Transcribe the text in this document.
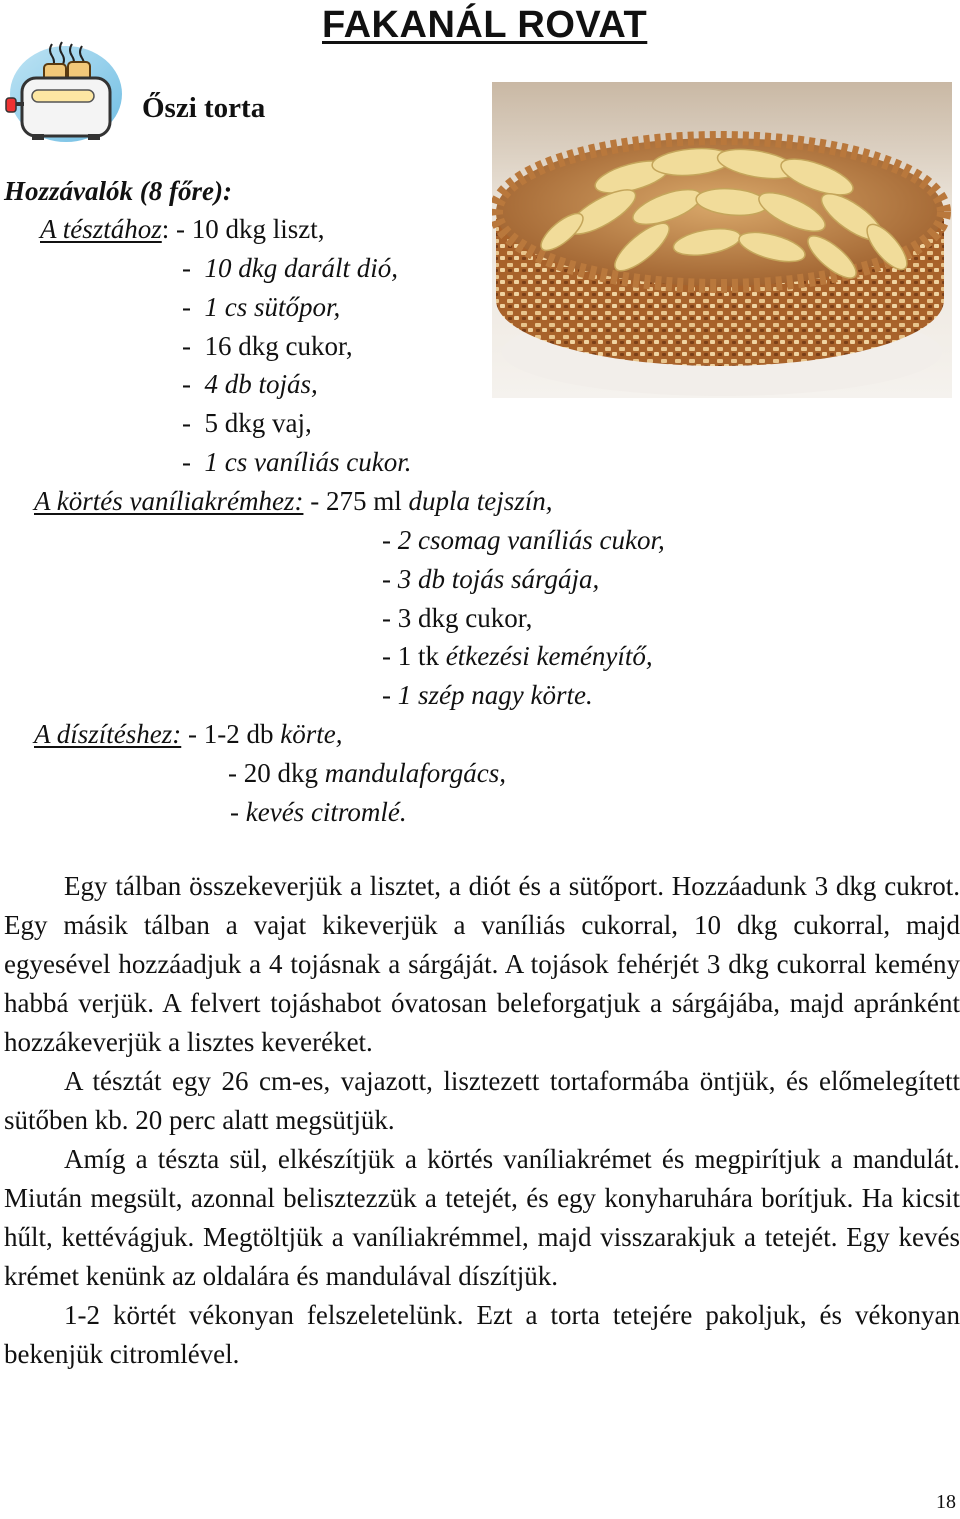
FAKANÁL ROVAT
Őszi torta
Hozzávalók (8 főre):
A tésztához: - 10 dkg liszt,
-  10 dkg darált dió,
-  1 cs sütőpor,
-  16 dkg cukor,
-  4 db tojás,
-  5 dkg vaj,
-  1 cs vaníliás cukor.
A körtés vaníliakrémhez: - 275 ml dupla tejszín,
- 2 csomag vaníliás cukor,
- 3 db tojás sárgája,
- 3 dkg cukor,
- 1 tk étkezési keményítő,
- 1 szép nagy körte.
A díszítéshez: - 1-2 db körte,
- 20 dkg mandulaforgács,
- kevés citromlé.

Egy tálban összekeverjük a lisztet, a diót és a sütőport. Hozzáadunk 3 dkg cukrot. Egy másik tálban a vajat kikeverjük a vaníliás cukorral, 10 dkg cukorral, majd egyesével hozzáadjuk a 4 tojásnak a sárgáját. A tojások fehérjét 3 dkg cukorral kemény habbá verjük. A felvert tojáshabot óvatosan beleforgatjuk a sárgájába, majd apránként hozzákeverjük a lisztes keveréket.

A tésztát egy 26 cm-es, vajazott, lisztezett tortaformába öntjük, és előmelegített sütőben kb. 20 perc alatt megsütjük.

Amíg a tészta sül, elkészítjük a körtés vaníliakrémet és megpirítjuk a mandulát. Miután megsült, azonnal belisztezzük a tetejét, és egy konyharuhára borítjuk. Ha kicsit hűlt, kettévágjuk. Megtöltjük a vaníliakrémmel, majd visszarakjuk a tetejét. Egy kevés krémet kenünk az oldalára és mandulával díszítjük.

1-2 körtét vékonyan felszeletelünk. Ezt a torta tetejére pakoljuk, és vékonyan bekenjük citromlével.

18
